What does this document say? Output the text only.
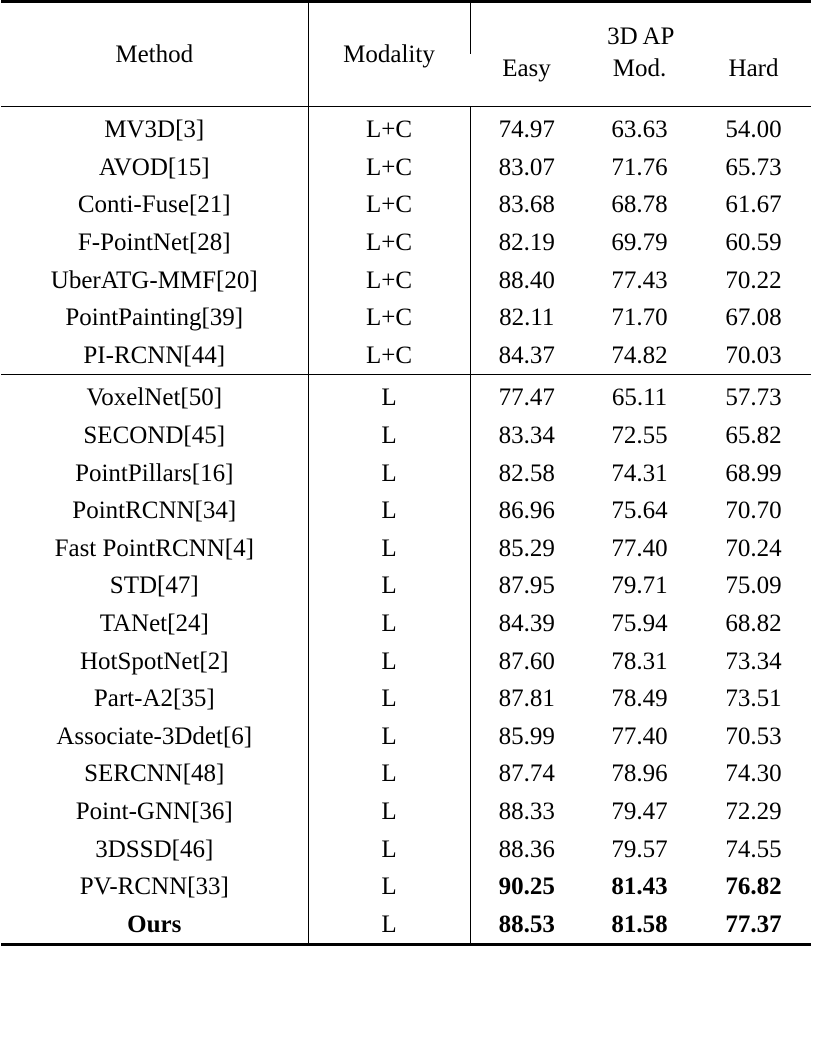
Method	Modality	3D AP		
		Easy	Mod.	Hard
MV3D[3]	L+C	74.97	63.63	54.00
AVOD[15]	L+C	83.07	71.76	65.73
Conti-Fuse[21]	L+C	83.68	68.78	61.67
F-PointNet[28]	L+C	82.19	69.79	60.59
UberATG-MMF[20]	L+C	88.40	77.43	70.22
PointPainting[39]	L+C	82.11	71.70	67.08
PI-RCNN[44]	L+C	84.37	74.82	70.03
VoxelNet[50]	L	77.47	65.11	57.73
SECOND[45]	L	83.34	72.55	65.82
PointPillars[16]	L	82.58	74.31	68.99
PointRCNN[34]	L	86.96	75.64	70.70
Fast PointRCNN[4]	L	85.29	77.40	70.24
STD[47]	L	87.95	79.71	75.09
TANet[24]	L	84.39	75.94	68.82
HotSpotNet[2]	L	87.60	78.31	73.34
Part-A2[35]	L	87.81	78.49	73.51
Associate-3Ddet[6]	L	85.99	77.40	70.53
SERCNN[48]	L	87.74	78.96	74.30
Point-GNN[36]	L	88.33	79.47	72.29
3DSSD[46]	L	88.36	79.57	74.55
PV-RCNN[33]	L	90.25	81.43	76.82
Ours	L	88.53	81.58	77.37
